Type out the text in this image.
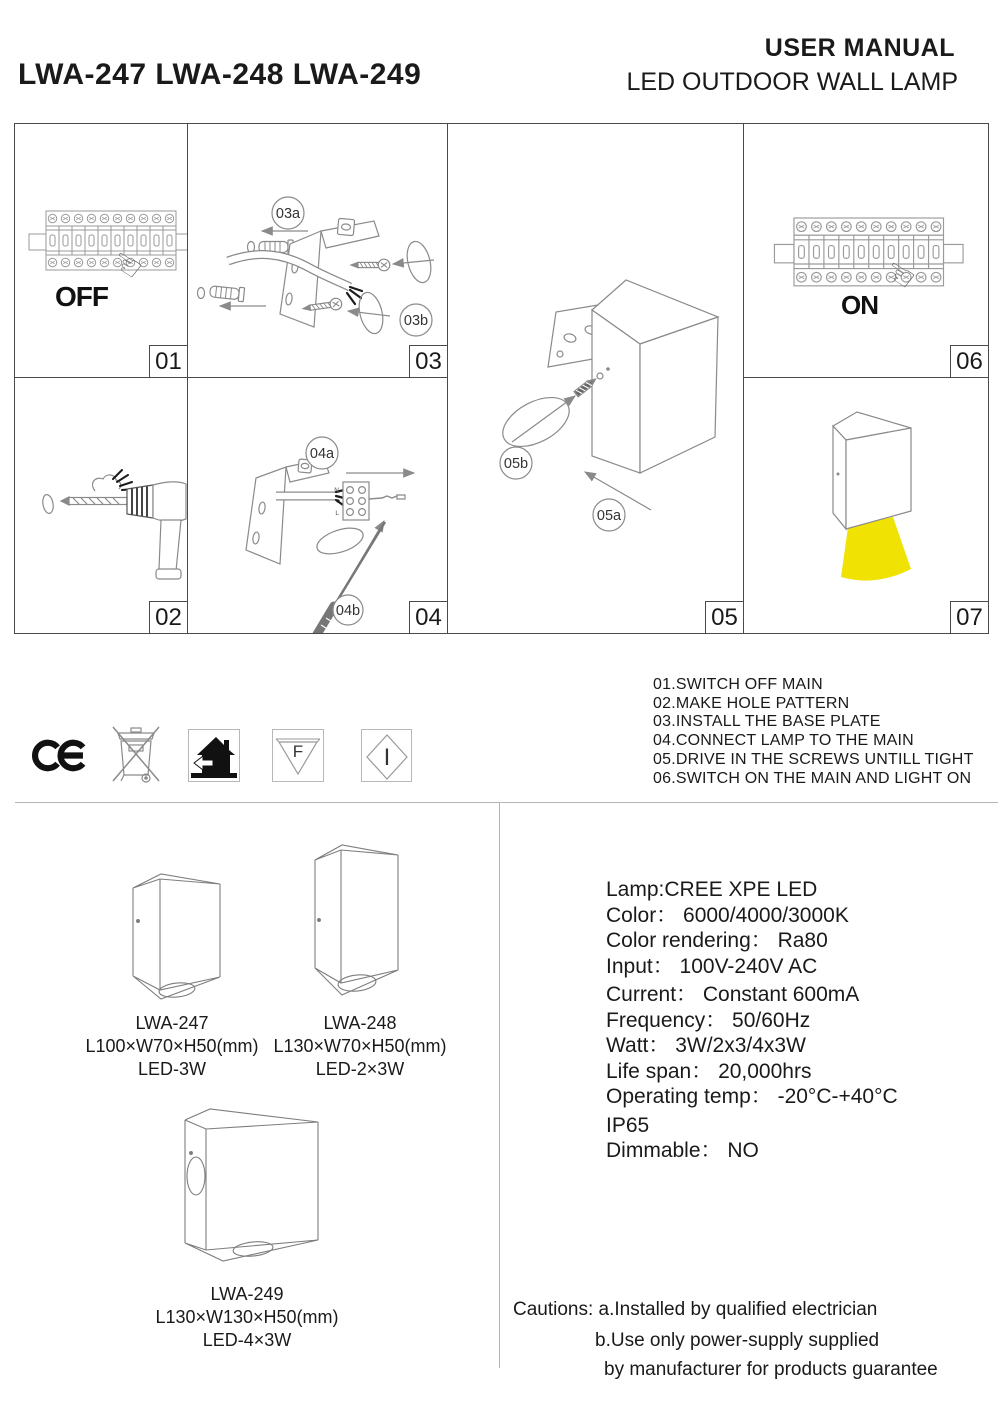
LWA-247 LWA-248 LWA-249
USER MANUAL
LED OUTDOOR WALL LAMP
OFF
☜
01
02
03a
03b
03
N
L
04a
04b 04
05b
05a
05
ON
☜
06
07
F	I
01.SWITCH OFF MAIN
02.MAKE HOLE PATTERN
03.INSTALL THE BASE PLATE
04.CONNECT LAMP TO THE MAIN
05.DRIVE IN THE SCREWS UNTILL TIGHT
06.SWITCH ON THE MAIN AND LIGHT ON
LWA-247
L100×W70×H50(mm)
LED-3W
LWA-248
L130×W70×H50(mm)
LED-2×3W
LWA-249
L130×W130×H50(mm)
LED-4×3W
Lamp:CREE XPE LED
Color： 6000/4000/3000K
Color rendering： Ra80
Input： 100V-240V AC
Current： Constant 600mA
Frequency： 50/60Hz
Watt： 3W/2x3/4x3W
Life span： 20,000hrs
Operating temp： -20°C-+40°C
IP65
Dimmable： NO
Cautions: a.Installed by qualified electrician
b.Use only power-supply supplied
by manufacturer for products guarantee
